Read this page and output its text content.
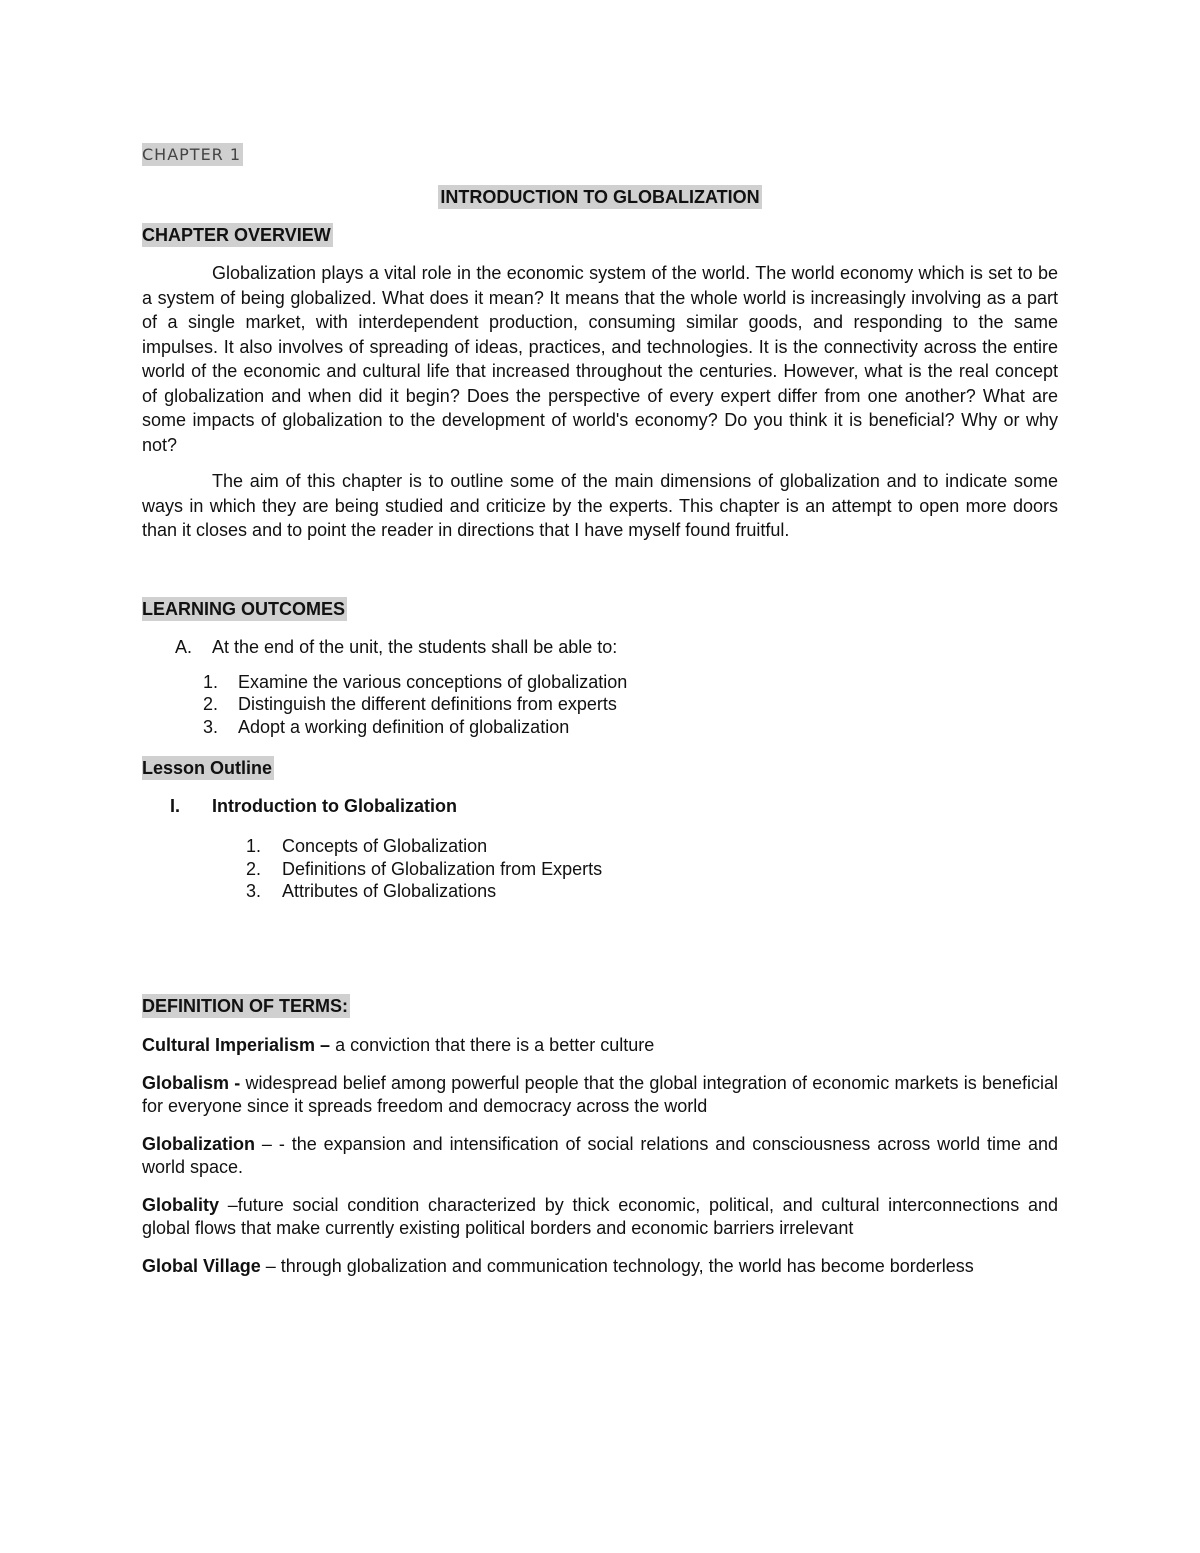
CHAPTER 1

INTRODUCTION TO GLOBALIZATION

CHAPTER OVERVIEW

Globalization plays a vital role in the economic system of the world. The world economy which is set to be a system of being globalized. What does it mean? It means that the whole world is increasingly involving as a part of a single market, with interdependent production, consuming similar goods, and responding to the same impulses. It also involves of spreading of ideas, practices, and technologies. It is the connectivity across the entire world of the economic and cultural life that increased throughout the centuries. However, what is the real concept of globalization and when did it begin? Does the perspective of every expert differ from one another? What are some impacts of globalization to the development of world's economy? Do you think it is beneficial? Why or why not?

The aim of this chapter is to outline some of the main dimensions of globalization and to indicate some ways in which they are being studied and criticize by the experts. This chapter is an attempt to open more doors than it closes and to point the reader in directions that I have myself found fruitful.

LEARNING OUTCOMES

A. At the end of the unit, the students shall be able to:

1. Examine the various conceptions of globalization
2. Distinguish the different definitions from experts
3. Adopt a working definition of globalization

Lesson Outline

I. Introduction to Globalization

1. Concepts of Globalization
2. Definitions of Globalization from Experts
3. Attributes of Globalizations

DEFINITION OF TERMS:

Cultural Imperialism – a conviction that there is a better culture

Globalism - widespread belief among powerful people that the global integration of economic markets is beneficial for everyone since it spreads freedom and democracy across the world

Globalization – - the expansion and intensification of social relations and consciousness across world time and world space.

Globality –future social condition characterized by thick economic, political, and cultural interconnections and global flows that make currently existing political borders and economic barriers irrelevant

Global Village – through globalization and communication technology, the world has become borderless
